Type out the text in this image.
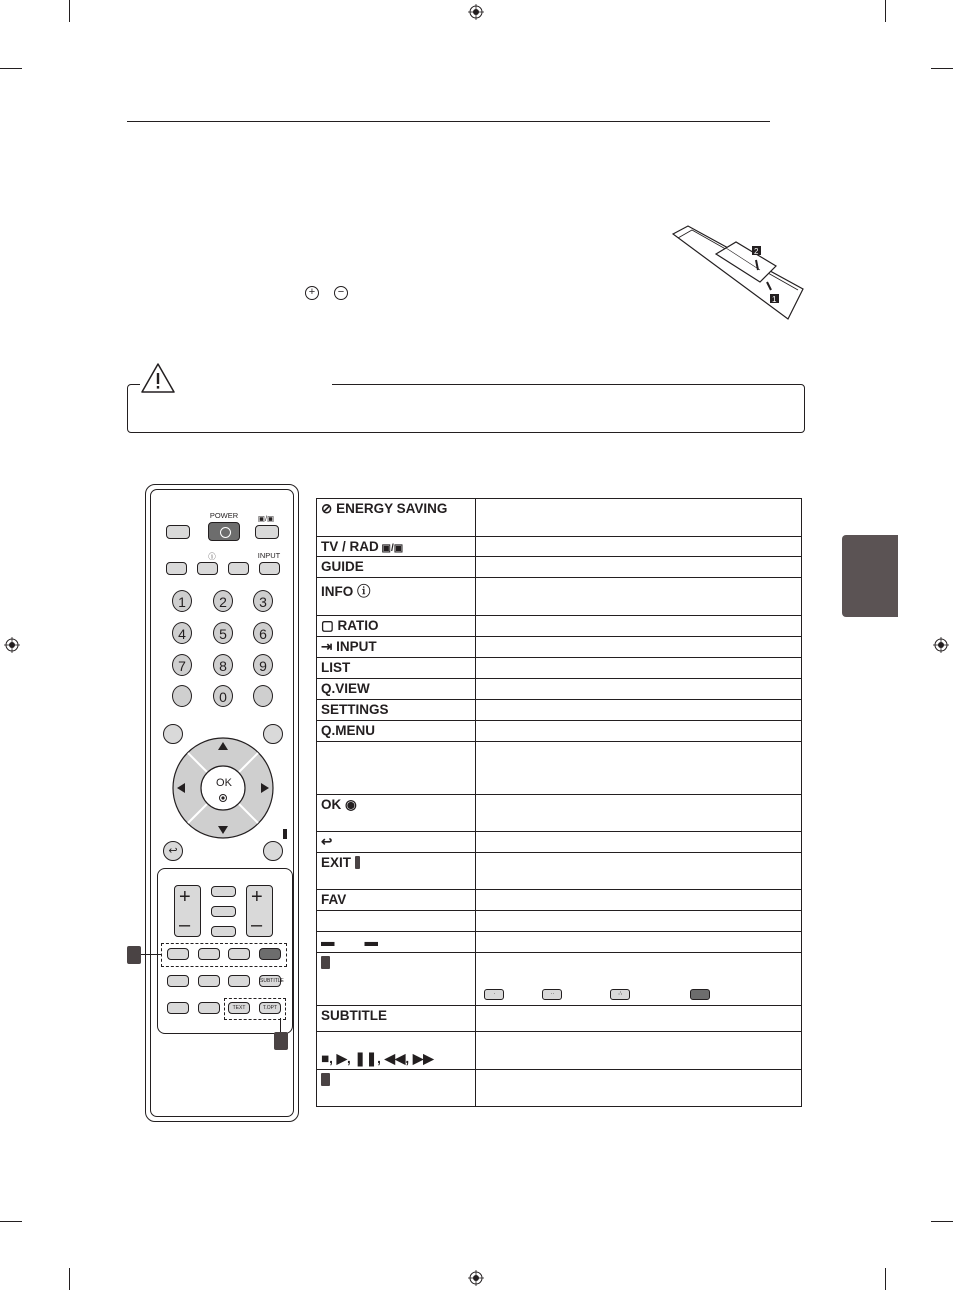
2
1
+	−
POWER	▣/▣
INPUT
ⓘ
1	2	3
4	5	6
7	8	9
0
OK
↩
+
–
+
–
SUBTITLE
TEXT	T.OPT
⊘ ENERGY SAVING	
TV / RAD ▣/▣	
GUIDE	
INFO ⓘ	
▢ RATIO	
⇥ INPUT	
LIST	
Q.VIEW	
SETTINGS	
Q.MENU	

OK ◉	
↩	
EXIT	
FAV	

▬ ▬	

	· ·· ∴

SUBTITLE	
■, ▶, ❚❚, ◀◀, ▶▶	
